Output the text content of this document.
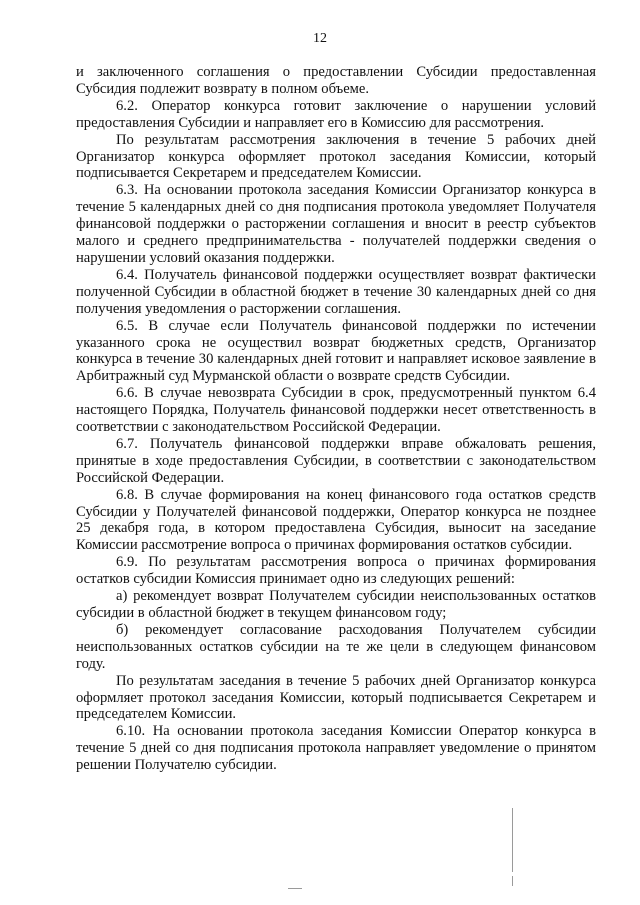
12

и заключенного соглашения о предоставлении Субсидии предоставленная Субсидия подлежит возврату в полном объеме.

6.2. Оператор конкурса готовит заключение о нарушении условий предоставления Субсидии и направляет его в Комиссию для рассмотрения.

По результатам рассмотрения заключения в течение 5 рабочих дней Организатор конкурса оформляет протокол заседания Комиссии, который подписывается Секретарем и председателем Комиссии.

6.3. На основании протокола заседания Комиссии Организатор конкурса в течение 5 календарных дней со дня подписания протокола уведомляет Получателя финансовой поддержки о расторжении соглашения и вносит в реестр субъектов малого и среднего предпринимательства - получателей поддержки сведения о нарушении условий оказания поддержки.

6.4. Получатель финансовой поддержки осуществляет возврат фактически полученной Субсидии в областной бюджет в течение 30 календарных дней со дня получения уведомления о расторжении соглашения.

6.5. В случае если Получатель финансовой поддержки по истечении указанного срока не осуществил возврат бюджетных средств, Организатор конкурса в течение 30 календарных дней готовит и направляет исковое заявление в Арбитражный суд Мурманской области о возврате средств Субсидии.

6.6. В случае невозврата Субсидии в срок, предусмотренный пунктом 6.4 настоящего Порядка, Получатель финансовой поддержки несет ответственность в соответствии с законодательством Российской Федерации.

6.7. Получатель финансовой поддержки вправе обжаловать решения, принятые в ходе предоставления Субсидии, в соответствии с законодательством Российской Федерации.

6.8. В случае формирования на конец финансового года остатков средств Субсидии у Получателей финансовой поддержки, Оператор конкурса не позднее 25 декабря года, в котором предоставлена Субсидия, выносит на заседание Комиссии рассмотрение вопроса о причинах формирования остатков субсидии.

6.9. По результатам рассмотрения вопроса о причинах формирования остатков субсидии Комиссия принимает одно из следующих решений:

а) рекомендует возврат Получателем субсидии неиспользованных остатков субсидии в областной бюджет в текущем финансовом году;

б) рекомендует согласование расходования Получателем субсидии неиспользованных остатков субсидии на те же цели в следующем финансовом году.

По результатам заседания в течение 5 рабочих дней Организатор конкурса оформляет протокол заседания Комиссии, который подписывается Секретарем и председателем Комиссии.

6.10. На основании протокола заседания Комиссии Оператор конкурса в течение 5 дней со дня подписания протокола направляет уведомление о принятом решении Получателю субсидии.
